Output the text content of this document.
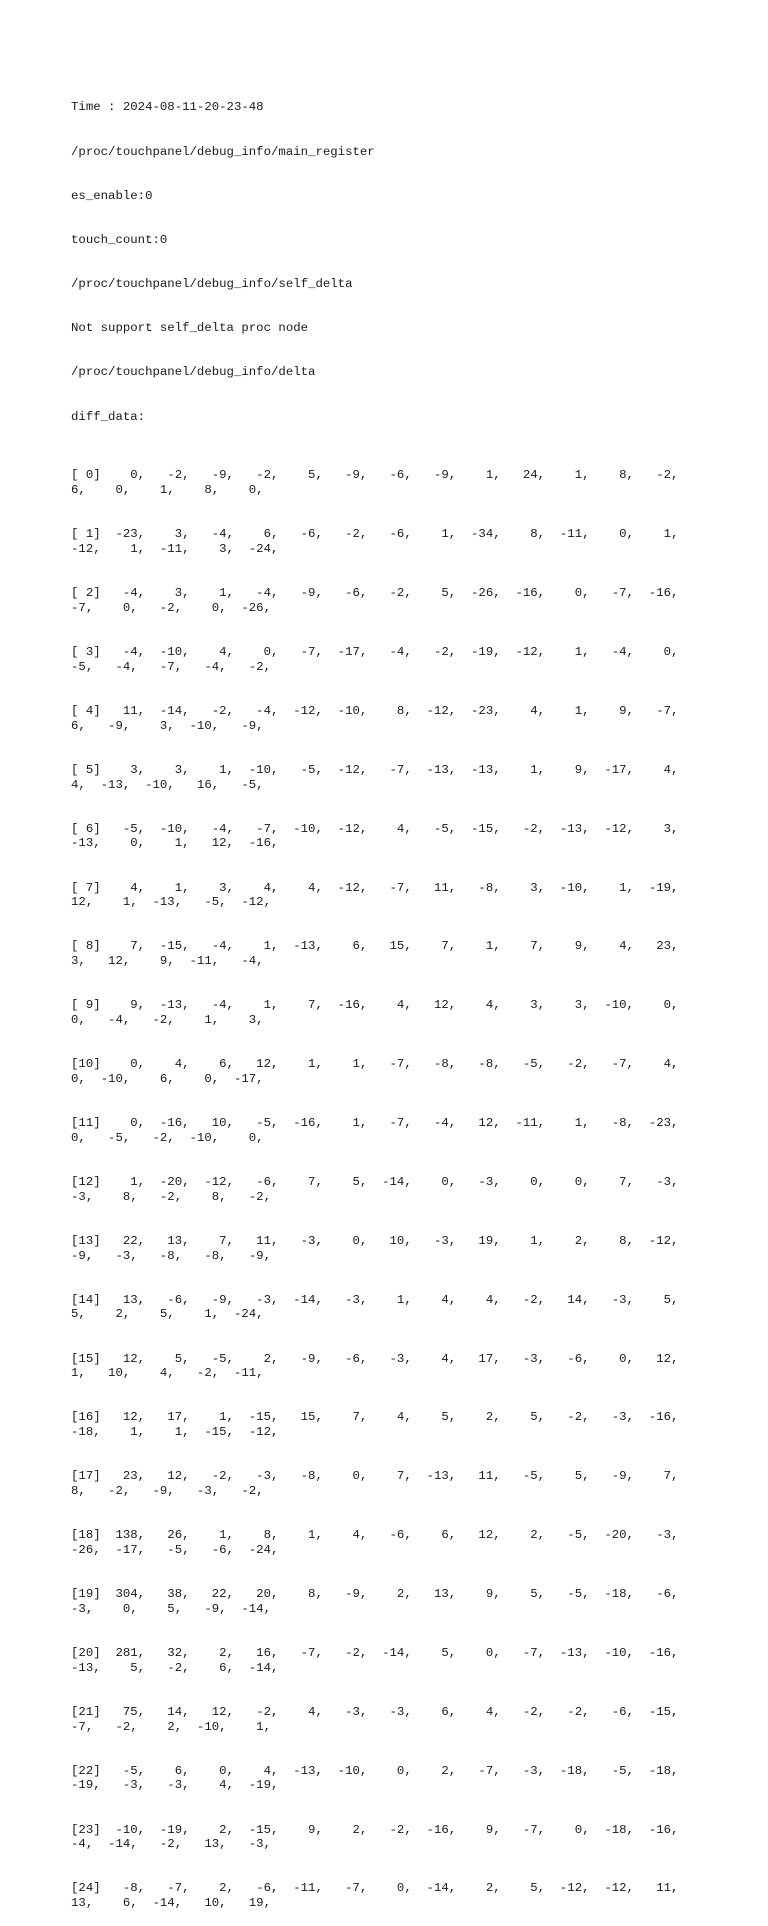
Time : 2024-08-11-20-23-48

/proc/touchpanel/debug_info/main_register

es_enable:0

touch_count:0

/proc/touchpanel/debug_info/self_delta

Not support self_delta proc node

/proc/touchpanel/debug_info/delta

diff_data:

[ 0]    0,   -2,   -9,   -2,    5,   -9,   -6,   -9,    1,   24,    1,    8,   -2,
6,    0,    1,    8,    0,

[ 1]  -23,    3,   -4,    6,   -6,   -2,   -6,    1,  -34,    8,  -11,    0,    1,
-12,    1,  -11,    3,  -24,

[ 2]   -4,    3,    1,   -4,   -9,   -6,   -2,    5,  -26,  -16,    0,   -7,  -16,
-7,    0,   -2,    0,  -26,

[ 3]   -4,  -10,    4,    0,   -7,  -17,   -4,   -2,  -19,  -12,    1,   -4,    0,
-5,   -4,   -7,   -4,   -2,

[ 4]   11,  -14,   -2,   -4,  -12,  -10,    8,  -12,  -23,    4,    1,    9,   -7,
6,   -9,    3,  -10,   -9,

[ 5]    3,    3,    1,  -10,   -5,  -12,   -7,  -13,  -13,    1,    9,  -17,    4,
4,  -13,  -10,   16,   -5,

[ 6]   -5,  -10,   -4,   -7,  -10,  -12,    4,   -5,  -15,   -2,  -13,  -12,    3,
-13,    0,    1,   12,  -16,

[ 7]    4,    1,    3,    4,    4,  -12,   -7,   11,   -8,    3,  -10,    1,  -19,
12,    1,  -13,   -5,  -12,

[ 8]    7,  -15,   -4,    1,  -13,    6,   15,    7,    1,    7,    9,    4,   23,
3,   12,    9,  -11,   -4,

[ 9]    9,  -13,   -4,    1,    7,  -16,    4,   12,    4,    3,    3,  -10,    0,
0,   -4,   -2,    1,    3,

[10]    0,    4,    6,   12,    1,    1,   -7,   -8,   -8,   -5,   -2,   -7,    4,
0,  -10,    6,    0,  -17,

[11]    0,  -16,   10,   -5,  -16,    1,   -7,   -4,   12,  -11,    1,   -8,  -23,
0,   -5,   -2,  -10,    0,

[12]    1,  -20,  -12,   -6,    7,    5,  -14,    0,   -3,    0,    0,    7,   -3,
-3,    8,   -2,    8,   -2,

[13]   22,   13,    7,   11,   -3,    0,   10,   -3,   19,    1,    2,    8,  -12,
-9,   -3,   -8,   -8,   -9,

[14]   13,   -6,   -9,   -3,  -14,   -3,    1,    4,    4,   -2,   14,   -3,    5,
5,    2,    5,    1,  -24,

[15]   12,    5,   -5,    2,   -9,   -6,   -3,    4,   17,   -3,   -6,    0,   12,
1,   10,    4,   -2,  -11,

[16]   12,   17,    1,  -15,   15,    7,    4,    5,    2,    5,   -2,   -3,  -16,
-18,    1,    1,  -15,  -12,

[17]   23,   12,   -2,   -3,   -8,    0,    7,  -13,   11,   -5,    5,   -9,    7,
8,   -2,   -9,   -3,   -2,

[18]  138,   26,    1,    8,    1,    4,   -6,    6,   12,    2,   -5,  -20,   -3,
-26,  -17,   -5,   -6,  -24,

[19]  304,   38,   22,   20,    8,   -9,    2,   13,    9,    5,   -5,  -18,   -6,
-3,    0,    5,   -9,  -14,

[20]  281,   32,    2,   16,   -7,   -2,  -14,    5,    0,   -7,  -13,  -10,  -16,
-13,    5,   -2,    6,  -14,

[21]   75,   14,   12,   -2,    4,   -3,   -3,    6,    4,   -2,   -2,   -6,  -15,
-7,   -2,    2,  -10,    1,

[22]   -5,    6,    0,    4,  -13,  -10,    0,    2,   -7,   -3,  -18,   -5,  -18,
-19,   -3,   -3,    4,  -19,

[23]  -10,  -19,    2,  -15,    9,    2,   -2,  -16,    9,   -7,    0,  -18,  -16,
-4,  -14,   -2,   13,   -3,

[24]   -8,   -7,    2,   -6,  -11,   -7,    0,  -14,    2,    5,  -12,  -12,   11,
13,    6,  -14,   10,   19,
